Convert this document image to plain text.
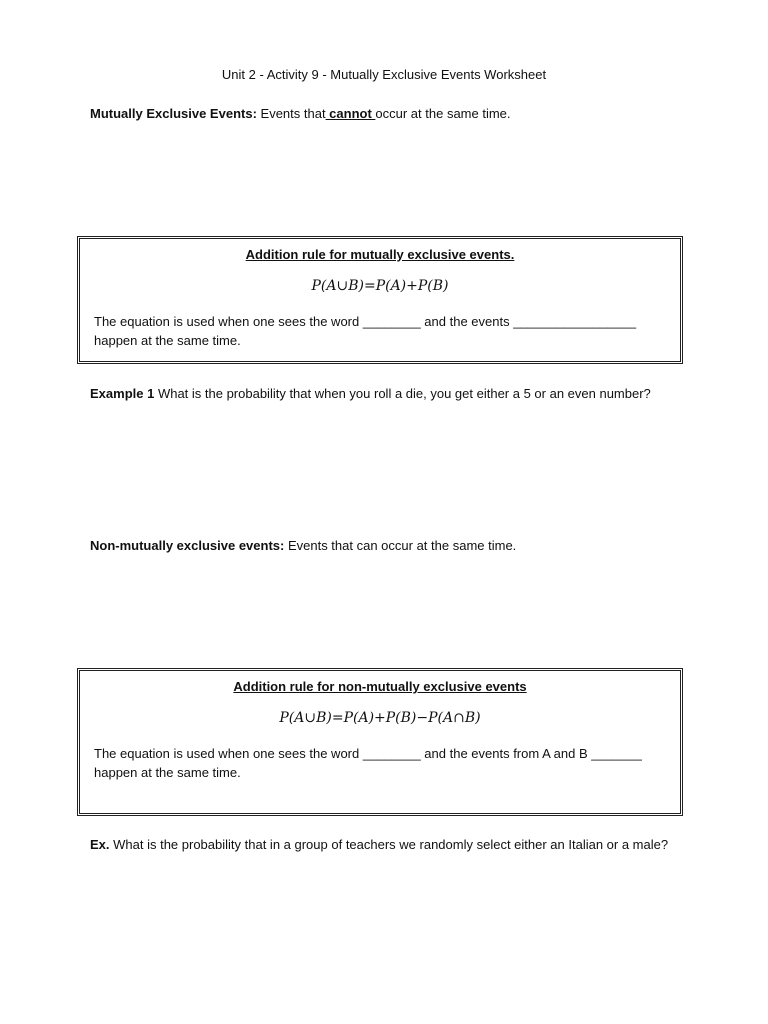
Unit 2 - Activity 9 - Mutually Exclusive Events Worksheet
Mutually Exclusive Events: Events that cannot occur at the same time.
Addition rule for mutually exclusive events.
P(A∪B)=P(A)+P(B)
The equation is used when one sees the word ________ and the events _________________ happen at the same time.
Example 1 What is the probability that when you roll a die, you get either a 5 or an even number?
Non-mutually exclusive events: Events that can occur at the same time.
Addition rule for non-mutually exclusive events
P(A∪B)=P(A)+P(B)−P(A∩B)
The equation is used when one sees the word ________ and the events from A and B _______ happen at the same time.
Ex. What is the probability that in a group of teachers we randomly select either an Italian or a male?
